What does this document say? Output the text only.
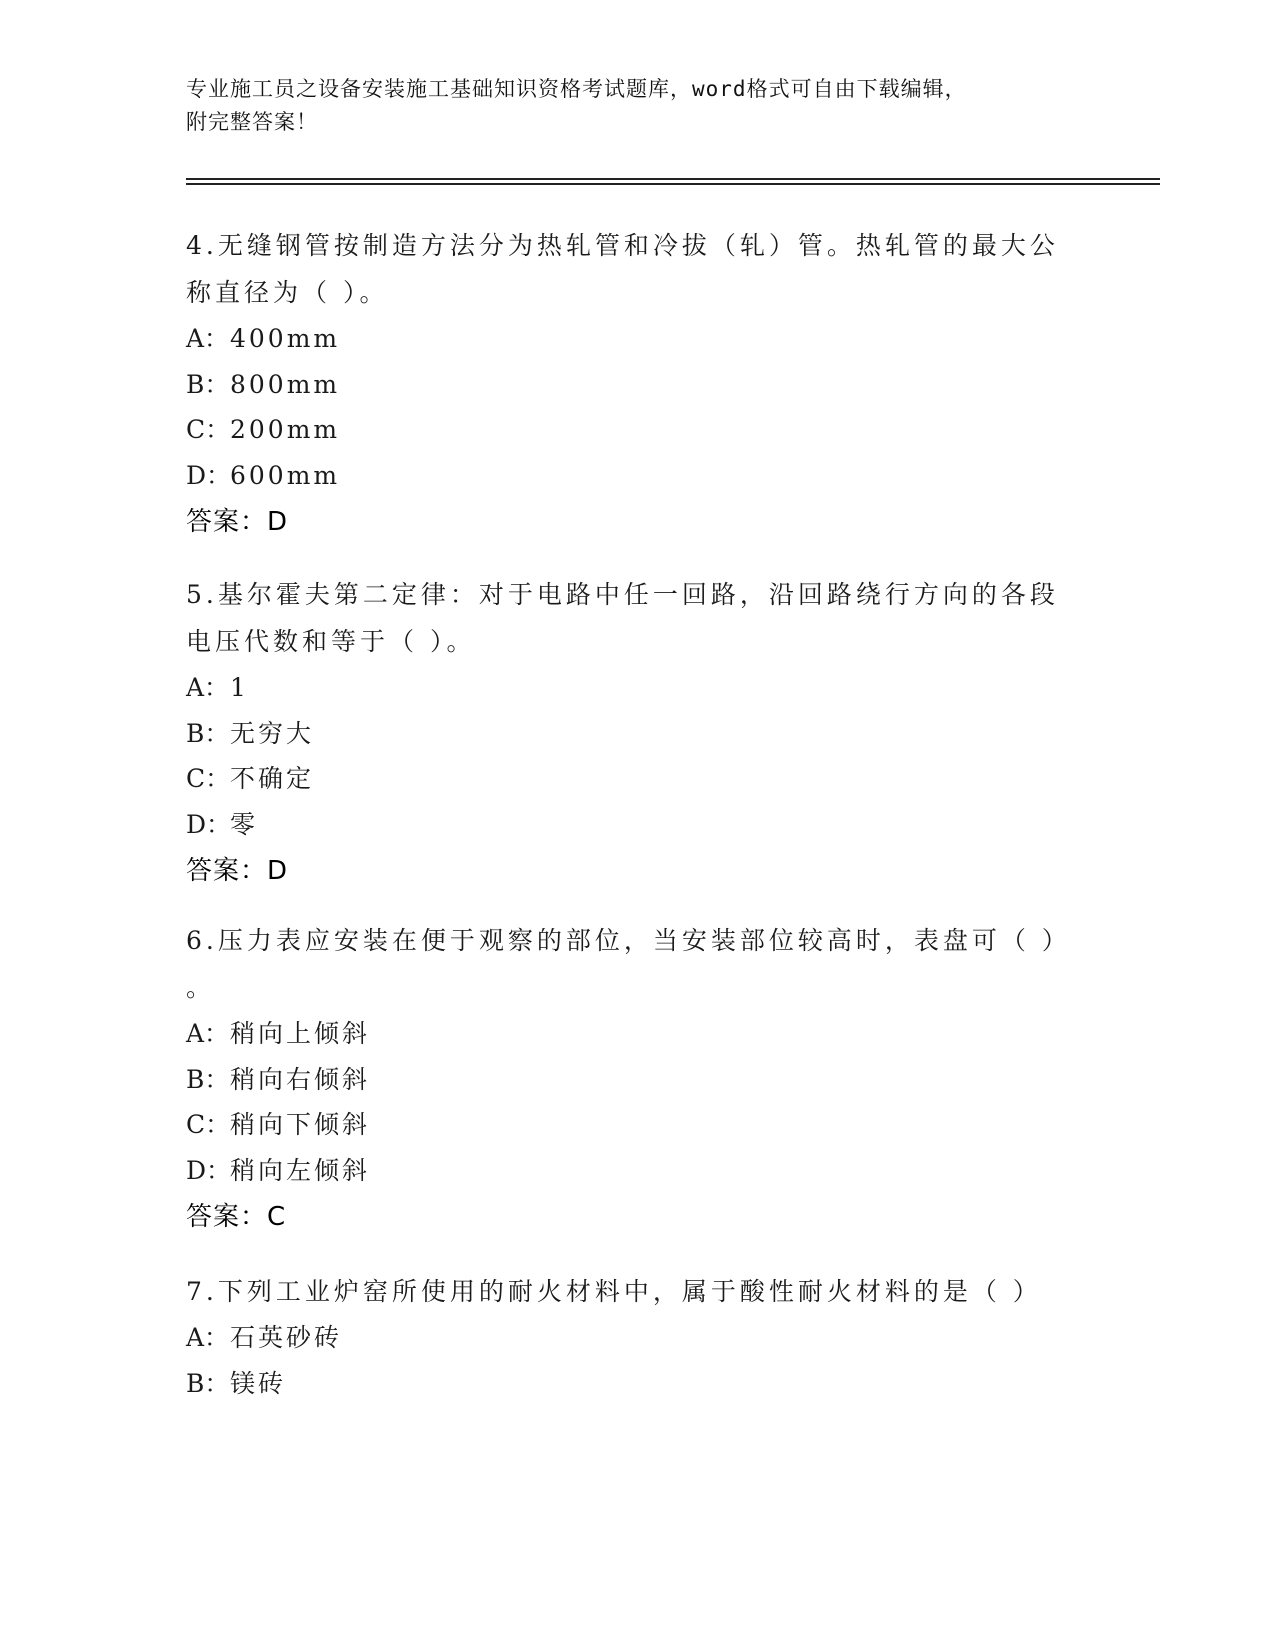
专业施工员之设备安装施工基础知识资格考试题库，word格式可自由下载编辑，
附完整答案！
4.无缝钢管按制造方法分为热轧管和冷拔（轧）管。热轧管的最大公
称直径为（ ）。
A：400mm
B：800mm
C：200mm
D：600mm
答案：D
5.基尔霍夫第二定律：对于电路中任一回路，沿回路绕行方向的各段
电压代数和等于（ ）。
A：1
B：无穷大
C：不确定
D：零
答案：D
6.压力表应安装在便于观察的部位，当安装部位较高时，表盘可（ ）
。
A：稍向上倾斜
B：稍向右倾斜
C：稍向下倾斜
D：稍向左倾斜
答案：C
7.下列工业炉窑所使用的耐火材料中，属于酸性耐火材料的是（ ）
A：石英砂砖
B：镁砖
